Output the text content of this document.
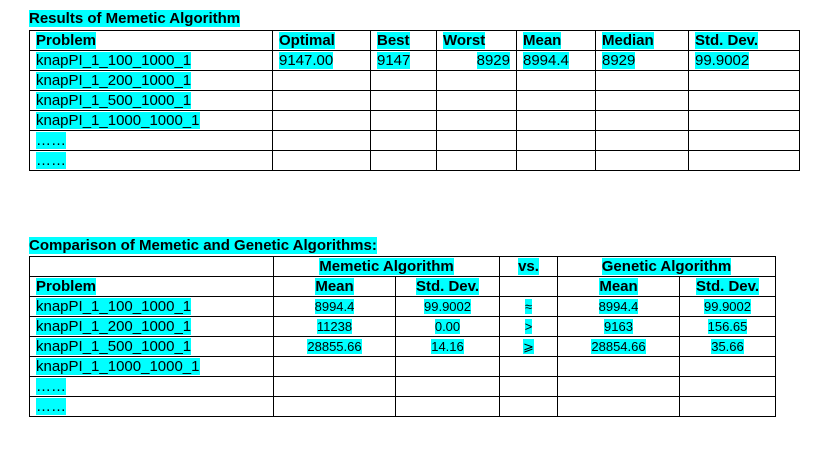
Results of Memetic Algorithm
Problem	Optimal	Best	Worst	Mean	Median	Std. Dev.
knapPI_1_100_1000_1	9147.00	9147	8929	8994.4	8929	99.9002
knapPI_1_200_1000_1						
knapPI_1_500_1000_1						
knapPI_1_1000_1000_1						
……						
……						
Comparison of Memetic and Genetic Algorithms:
	Memetic Algorithm		vs.	Genetic Algorithm	
Problem	Mean	Std. Dev.		Mean	Std. Dev.
knapPI_1_100_1000_1	8994.4	99.9002	≈	8994.4	99.9002
knapPI_1_200_1000_1	11238	0.00	>	9163	156.65
knapPI_1_500_1000_1	28855.66	14.16	⩾	28854.66	35.66
knapPI_1_1000_1000_1					
……					
……					
